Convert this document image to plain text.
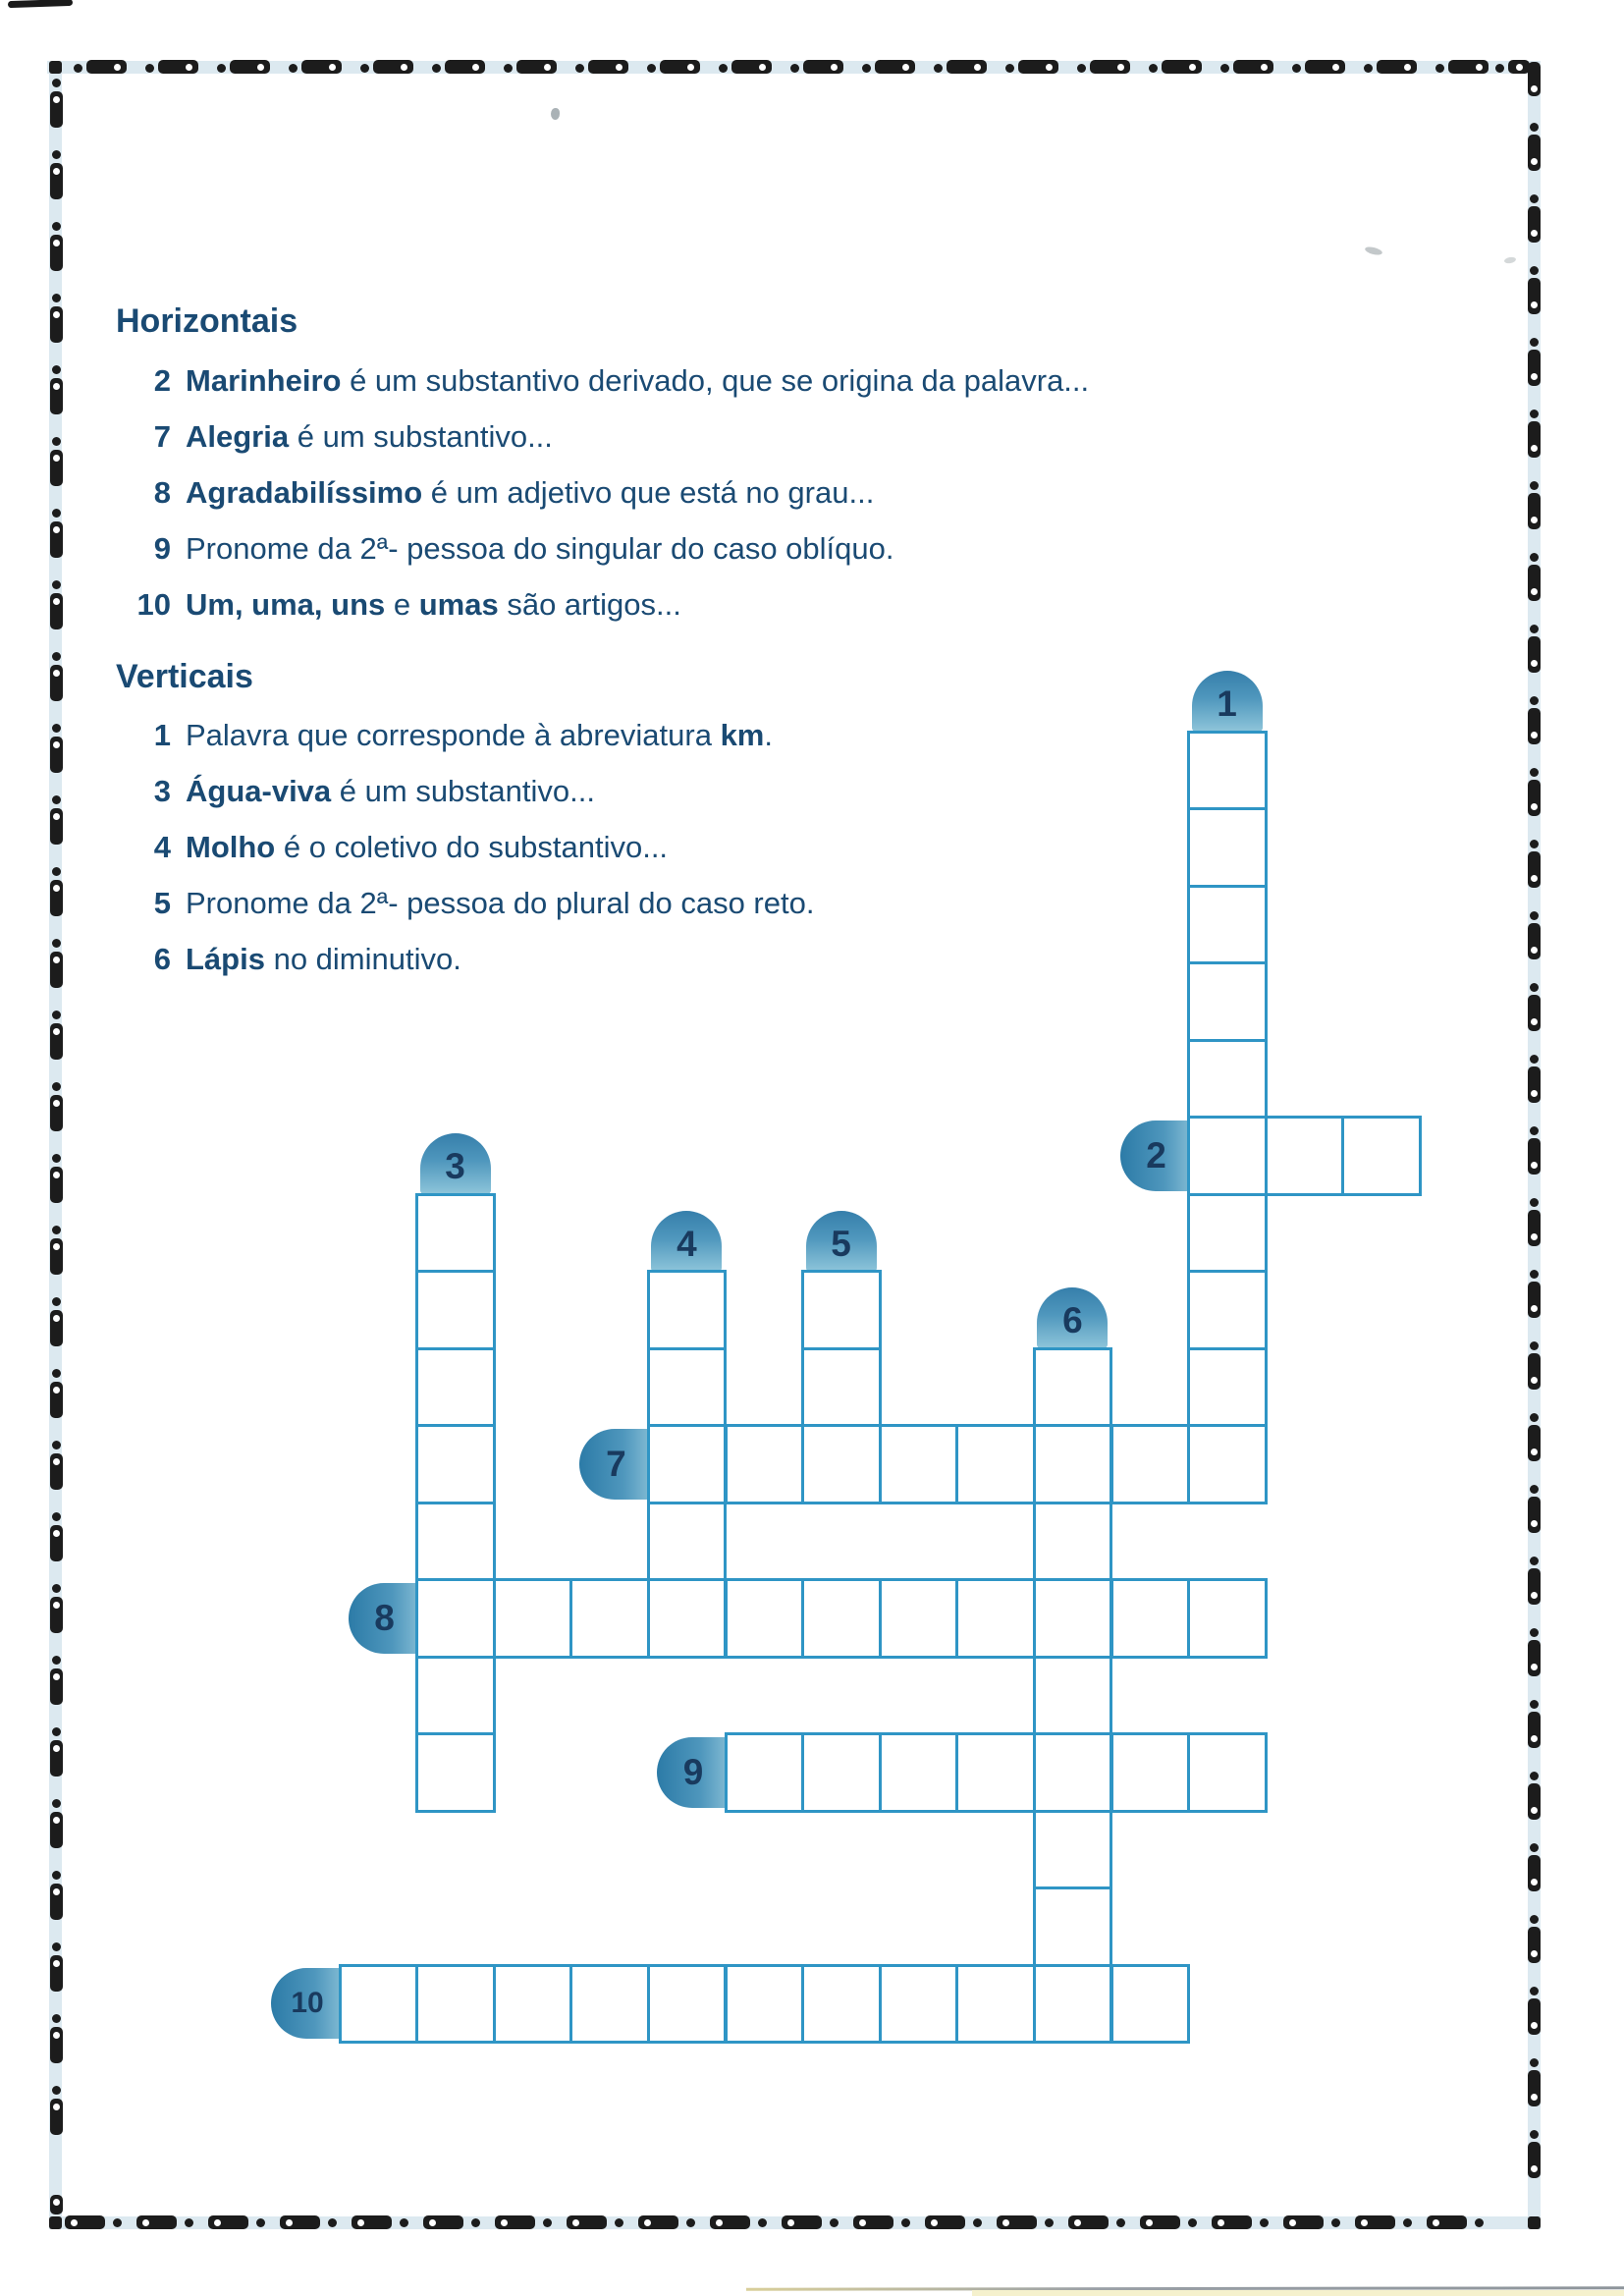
Horizontais
Verticais
2 Marinheiro é um substantivo derivado, que se origina da palavra...
7 Alegria é um substantivo...
8 Agradabilíssimo é um adjetivo que está no grau...
9 Pronome da 2ª- pessoa do singular do caso oblíquo.
10 Um, uma, uns e umas são artigos...
1 Palavra que corresponde à abreviatura km.
3 Água-viva é um substantivo...
4 Molho é o coletivo do substantivo...
5 Pronome da 2ª- pessoa do plural do caso reto.
6 Lápis no diminutivo.
1
2
3
4	5
6
7
8
9
10
